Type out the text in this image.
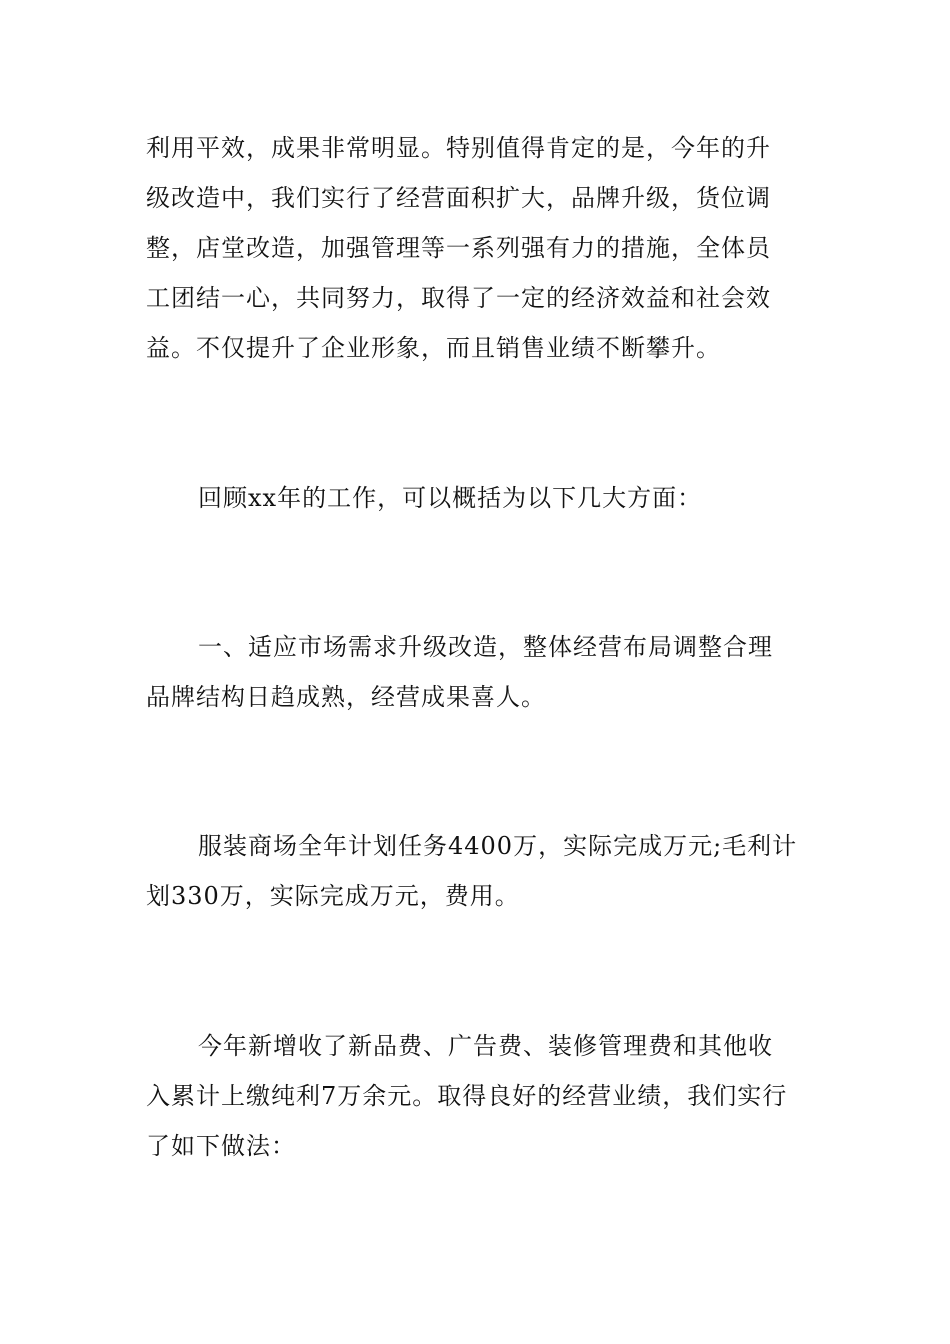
利用平效，成果非常明显。特别值得肯定的是，今年的升
级改造中，我们实行了经营面积扩大，品牌升级，货位调
整，店堂改造，加强管理等一系列强有力的措施，全体员
工团结一心，共同努力，取得了一定的经济效益和社会效
益。不仅提升了企业形象，而且销售业绩不断攀升。
回顾xx年的工作，可以概括为以下几大方面：
一、适应市场需求升级改造，整体经营布局调整合理
品牌结构日趋成熟，经营成果喜人。
服装商场全年计划任务4400万，实际完成万元;毛利计
划330万，实际完成万元，费用。
今年新增收了新品费、广告费、装修管理费和其他收
入累计上缴纯利7万余元。取得良好的经营业绩，我们实行
了如下做法：
